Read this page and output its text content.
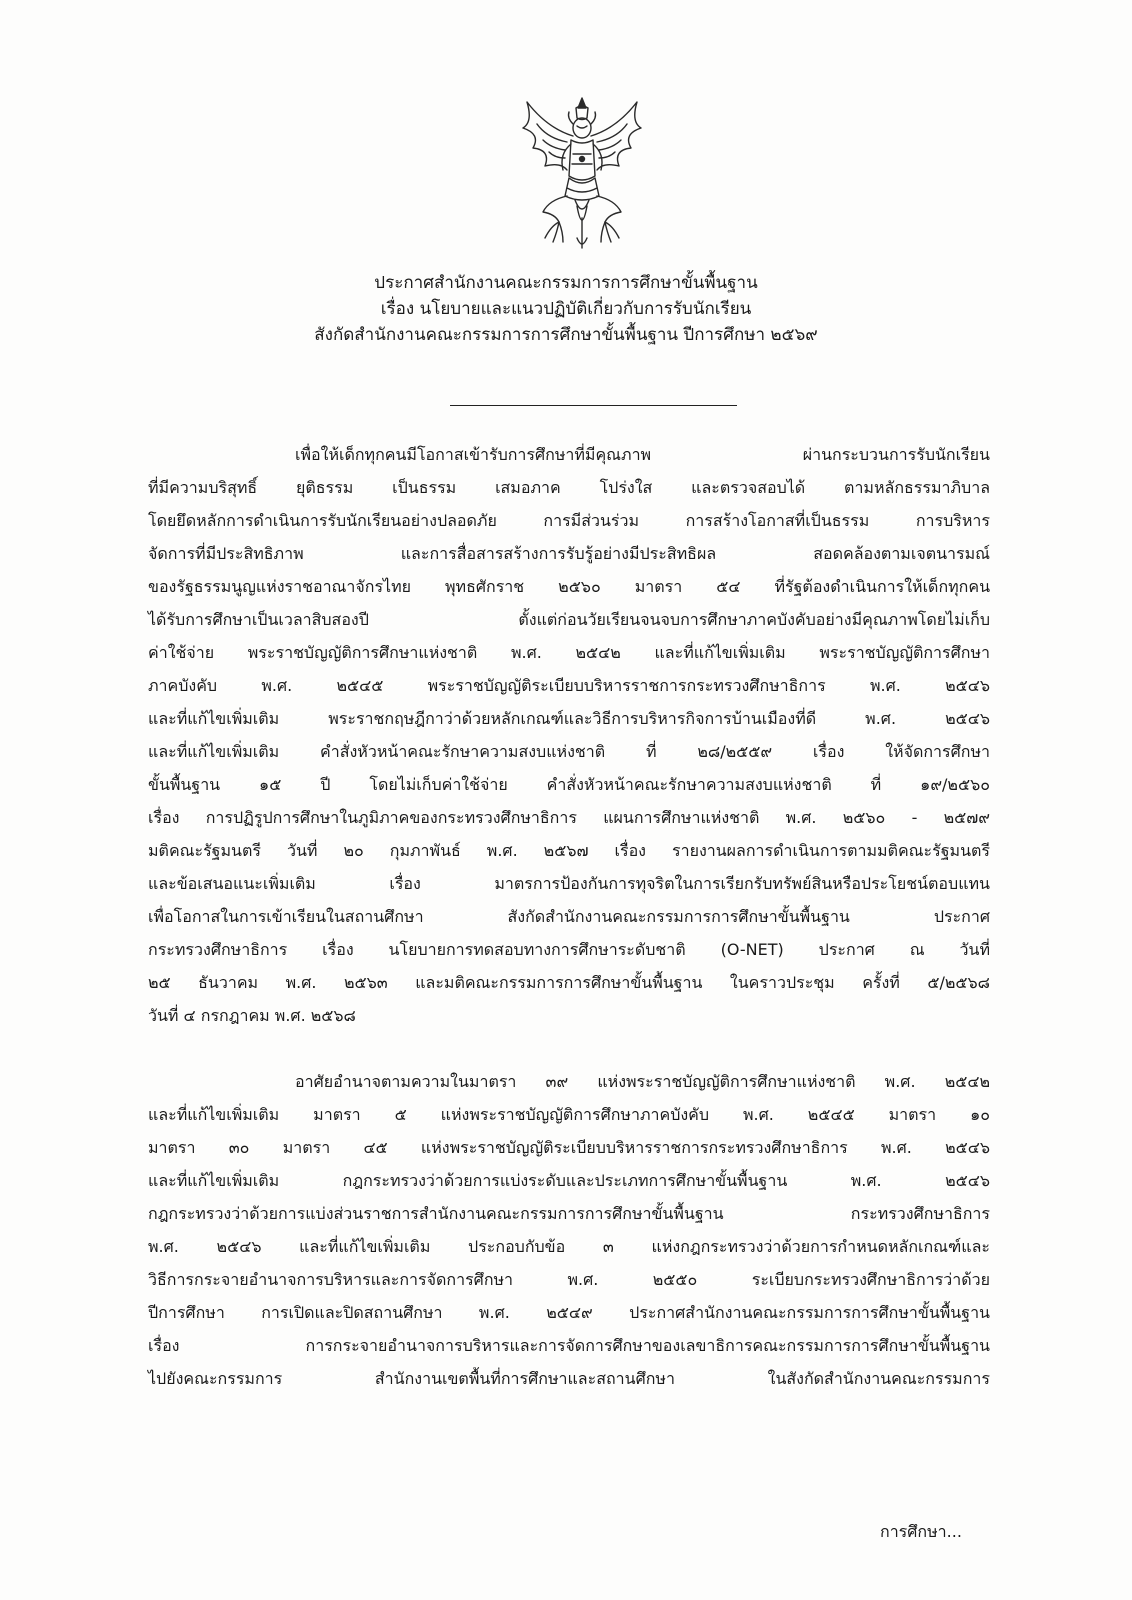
ประกาศสำนักงานคณะกรรมการการศึกษาขั้นพื้นฐาน
เรื่อง นโยบายและแนวปฏิบัติเกี่ยวกับการรับนักเรียน
สังกัดสำนักงานคณะกรรมการการศึกษาขั้นพื้นฐาน ปีการศึกษา ๒๕๖๙
เพื่อให้เด็กทุกคนมีโอกาสเข้ารับการศึกษาที่มีคุณภาพ ผ่านกระบวนการรับนักเรียน
ที่มีความบริสุทธิ์ ยุติธรรม เป็นธรรม เสมอภาค โปร่งใส และตรวจสอบได้ ตามหลักธรรมาภิบาล
โดยยึดหลักการดำเนินการรับนักเรียนอย่างปลอดภัย การมีส่วนร่วม การสร้างโอกาสที่เป็นธรรม การบริหาร
จัดการที่มีประสิทธิภาพ และการสื่อสารสร้างการรับรู้อย่างมีประสิทธิผล สอดคล้องตามเจตนารมณ์
ของรัฐธรรมนูญแห่งราชอาณาจักรไทย พุทธศักราช ๒๕๖๐ มาตรา ๕๔ ที่รัฐต้องดำเนินการให้เด็กทุกคน
ได้รับการศึกษาเป็นเวลาสิบสองปี ตั้งแต่ก่อนวัยเรียนจนจบการศึกษาภาคบังคับอย่างมีคุณภาพโดยไม่เก็บ
ค่าใช้จ่าย พระราชบัญญัติการศึกษาแห่งชาติ พ.ศ. ๒๕๔๒ และที่แก้ไขเพิ่มเติม พระราชบัญญัติการศึกษา
ภาคบังคับ พ.ศ. ๒๕๔๕ พระราชบัญญัติระเบียบบริหารราชการกระทรวงศึกษาธิการ พ.ศ. ๒๕๔๖
และที่แก้ไขเพิ่มเติม พระราชกฤษฎีกาว่าด้วยหลักเกณฑ์และวิธีการบริหารกิจการบ้านเมืองที่ดี พ.ศ. ๒๕๔๖
และที่แก้ไขเพิ่มเติม คำสั่งหัวหน้าคณะรักษาความสงบแห่งชาติ ที่ ๒๘/๒๕๕๙ เรื่อง ให้จัดการศึกษา
ขั้นพื้นฐาน ๑๕ ปี โดยไม่เก็บค่าใช้จ่าย คำสั่งหัวหน้าคณะรักษาความสงบแห่งชาติ ที่ ๑๙/๒๕๖๐
เรื่อง การปฏิรูปการศึกษาในภูมิภาคของกระทรวงศึกษาธิการ แผนการศึกษาแห่งชาติ พ.ศ. ๒๕๖๐ - ๒๕๗๙
มติคณะรัฐมนตรี วันที่ ๒๐ กุมภาพันธ์ พ.ศ. ๒๕๖๗ เรื่อง รายงานผลการดำเนินการตามมติคณะรัฐมนตรี
และข้อเสนอแนะเพิ่มเติม เรื่อง มาตรการป้องกันการทุจริตในการเรียกรับทรัพย์สินหรือประโยชน์ตอบแทน
เพื่อโอกาสในการเข้าเรียนในสถานศึกษา สังกัดสำนักงานคณะกรรมการการศึกษาขั้นพื้นฐาน ประกาศ
กระทรวงศึกษาธิการ เรื่อง นโยบายการทดสอบทางการศึกษาระดับชาติ (O-NET) ประกาศ ณ วันที่
๒๕ ธันวาคม พ.ศ. ๒๕๖๓ และมติคณะกรรมการการศึกษาขั้นพื้นฐาน ในคราวประชุม ครั้งที่ ๕/๒๕๖๘
วันที่ ๔ กรกฎาคม พ.ศ. ๒๕๖๘
อาศัยอำนาจตามความในมาตรา ๓๙ แห่งพระราชบัญญัติการศึกษาแห่งชาติ พ.ศ. ๒๕๔๒
และที่แก้ไขเพิ่มเติม มาตรา ๕ แห่งพระราชบัญญัติการศึกษาภาคบังคับ พ.ศ. ๒๕๔๕ มาตรา ๑๐
มาตรา ๓๐ มาตรา ๔๕ แห่งพระราชบัญญัติระเบียบบริหารราชการกระทรวงศึกษาธิการ พ.ศ. ๒๕๔๖
และที่แก้ไขเพิ่มเติม กฎกระทรวงว่าด้วยการแบ่งระดับและประเภทการศึกษาขั้นพื้นฐาน พ.ศ. ๒๕๔๖
กฎกระทรวงว่าด้วยการแบ่งส่วนราชการสำนักงานคณะกรรมการการศึกษาขั้นพื้นฐาน กระทรวงศึกษาธิการ
พ.ศ. ๒๕๔๖ และที่แก้ไขเพิ่มเติม ประกอบกับข้อ ๓ แห่งกฎกระทรวงว่าด้วยการกำหนดหลักเกณฑ์และ
วิธีการกระจายอำนาจการบริหารและการจัดการศึกษา พ.ศ. ๒๕๕๐ ระเบียบกระทรวงศึกษาธิการว่าด้วย
ปีการศึกษา การเปิดและปิดสถานศึกษา พ.ศ. ๒๕๔๙ ประกาศสำนักงานคณะกรรมการการศึกษาขั้นพื้นฐาน
เรื่อง การกระจายอำนาจการบริหารและการจัดการศึกษาของเลขาธิการคณะกรรมการการศึกษาขั้นพื้นฐาน
ไปยังคณะกรรมการ สำนักงานเขตพื้นที่การศึกษาและสถานศึกษา ในสังกัดสำนักงานคณะกรรมการ
การศึกษา...
